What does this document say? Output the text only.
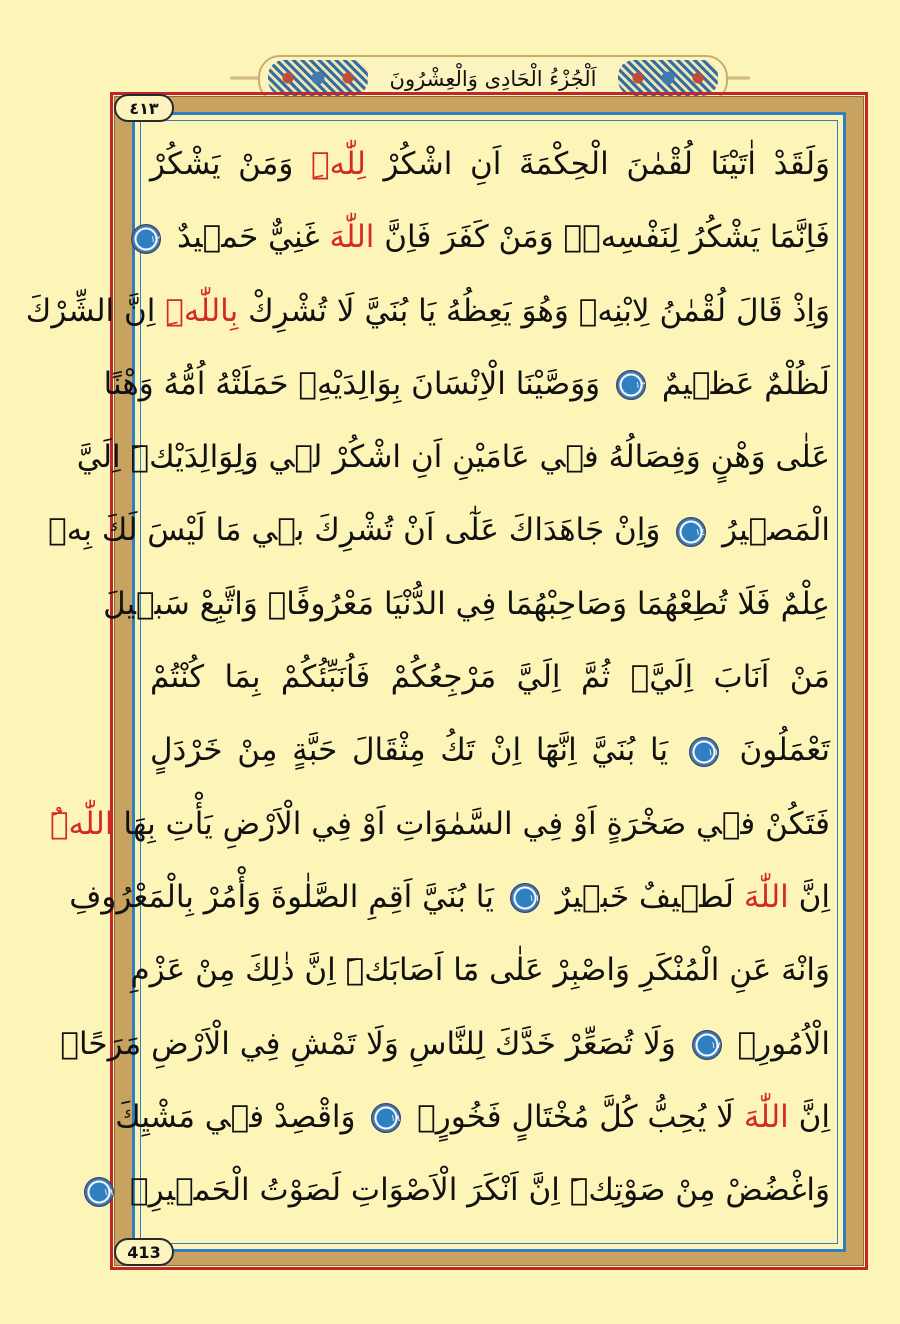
اَلْجُزْءُ الْحَادِى وَالْعِشْرُونَ
٤١٣
413
وَلَقَدْ اٰتَيْنَا لُقْمٰنَ الْحِكْمَةَ اَنِ اشْكُرْ لِلّٰهِۜ وَمَنْ يَشْكُرْ
فَاِنَّمَا يَشْكُرُ لِنَفْسِه۪ۚ وَمَنْ كَفَرَ فَاِنَّ اللّٰهَ غَنِيٌّ حَم۪يدٌ ١٢
وَاِذْ قَالَ لُقْمٰنُ لِابْنِه۪ وَهُوَ يَعِظُهُ يَا بُنَيَّ لَا تُشْرِكْ بِاللّٰهِۜ اِنَّ الشِّرْكَ
لَظُلْمٌ عَظ۪يمٌ ١٣ وَوَصَّيْنَا الْاِنْسَانَ بِوَالِدَيْهِۚ حَمَلَتْهُ اُمُّهُ وَهْنًا
عَلٰى وَهْنٍ وَفِصَالُهُ ف۪ي عَامَيْنِ اَنِ اشْكُرْ ل۪ي وَلِوَالِدَيْكَۜ اِلَيَّ
الْمَص۪يرُ ١٤ وَاِنْ جَاهَدَاكَ عَلٰٓى اَنْ تُشْرِكَ ب۪ي مَا لَيْسَ لَكَ بِه۪
عِلْمٌ فَلَا تُطِعْهُمَا وَصَاحِبْهُمَا فِي الدُّنْيَا مَعْرُوفًاۘ وَاتَّبِعْ سَب۪يلَ
مَنْ اَنَابَ اِلَيَّۚ ثُمَّ اِلَيَّ مَرْجِعُكُمْ فَاُنَبِّئُكُمْ بِمَا كُنْتُمْ
تَعْمَلُونَ ١٥ يَا بُنَيَّ اِنَّهَٓا اِنْ تَكُ مِثْقَالَ حَبَّةٍ مِنْ خَرْدَلٍ
فَتَكُنْ ف۪ي صَخْرَةٍ اَوْ فِي السَّمٰوَاتِ اَوْ فِي الْاَرْضِ يَأْتِ بِهَا اللّٰهُۜ
اِنَّ اللّٰهَ لَط۪يفٌ خَب۪يرٌ ١٦ يَا بُنَيَّ اَقِمِ الصَّلٰوةَ وَأْمُرْ بِالْمَعْرُوفِ
وَانْهَ عَنِ الْمُنْكَرِ وَاصْبِرْ عَلٰى مَٓا اَصَابَكَۜ اِنَّ ذٰلِكَ مِنْ عَزْمِ
الْاُمُورِۚ ١٧ وَلَا تُصَعِّرْ خَدَّكَ لِلنَّاسِ وَلَا تَمْشِ فِي الْاَرْضِ مَرَحًاۜ
اِنَّ اللّٰهَ لَا يُحِبُّ كُلَّ مُخْتَالٍ فَخُورٍۚ ١٨ وَاقْصِدْ ف۪ي مَشْيِكَ
وَاغْضُضْ مِنْ صَوْتِكَۜ اِنَّ اَنْكَرَ الْاَصْوَاتِ لَصَوْتُ الْحَم۪يرِ۟ ١٩
